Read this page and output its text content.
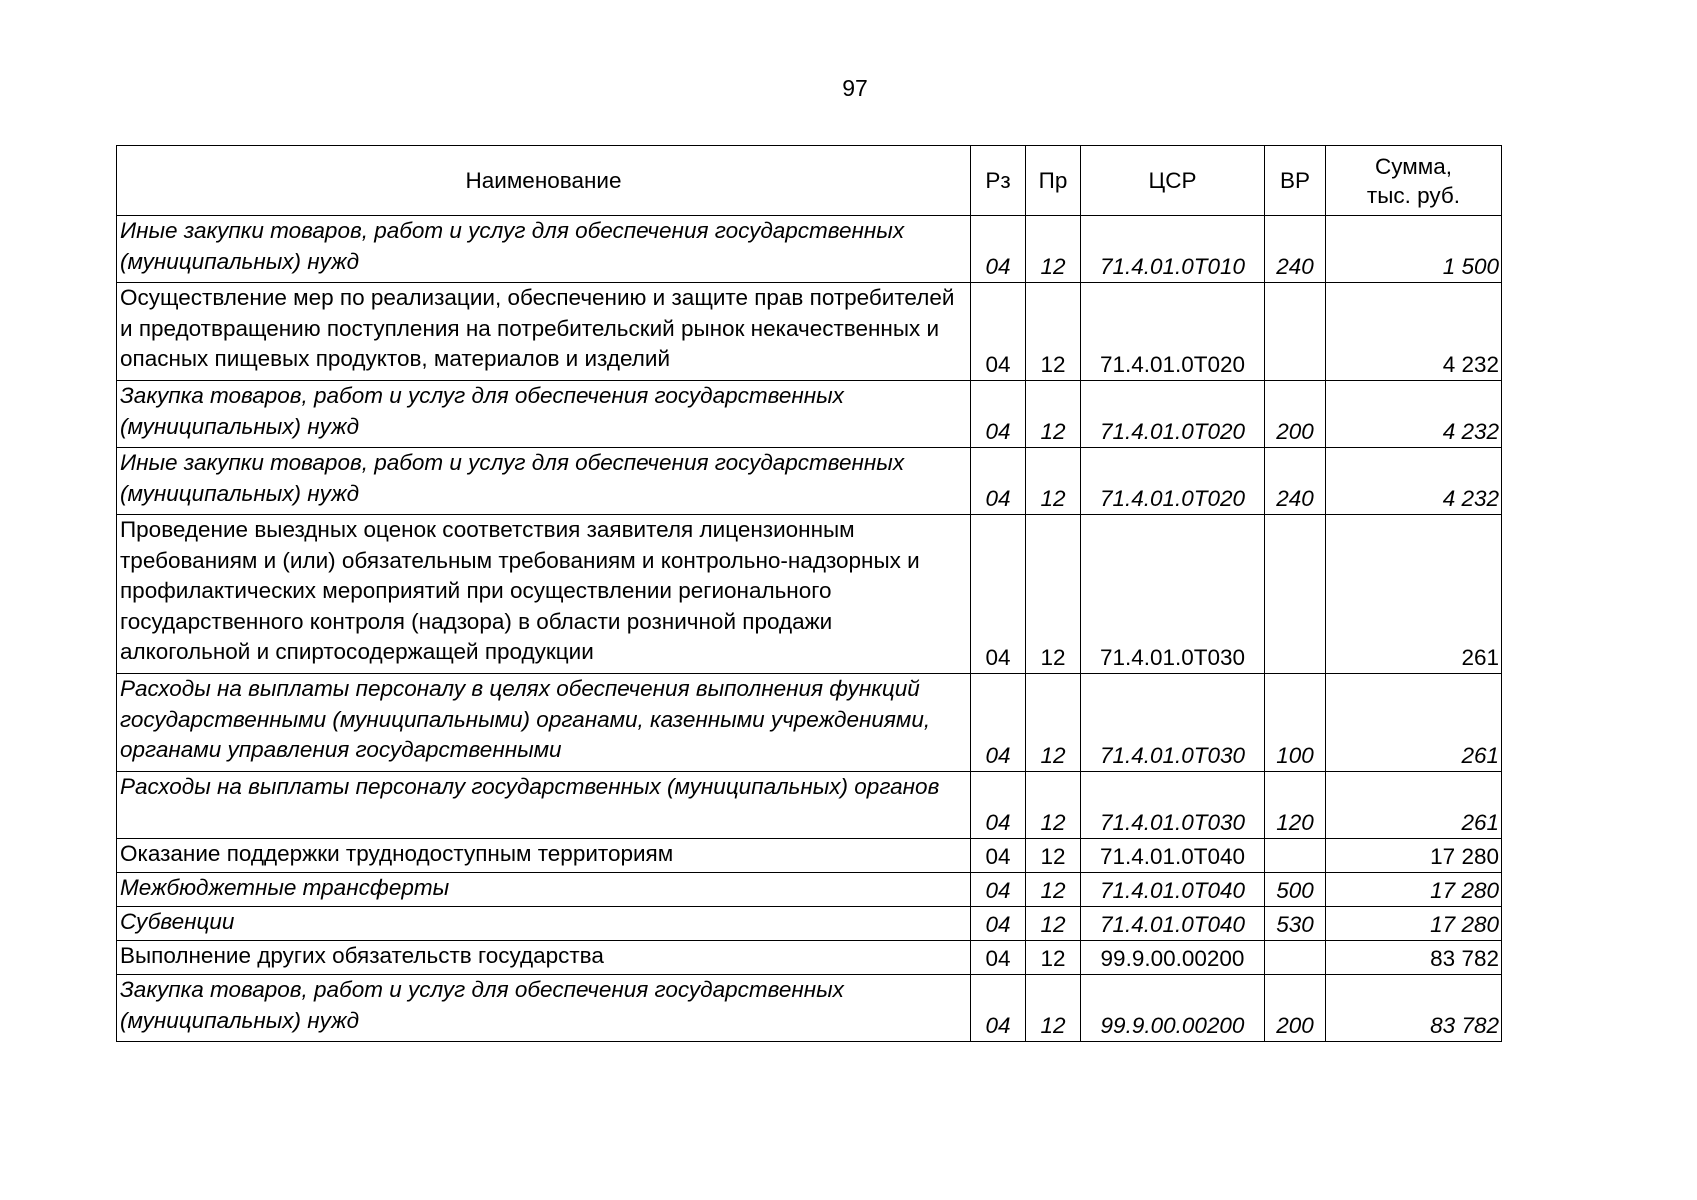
97
Наименование	Рз	Пр	ЦСР	ВР	Сумма,
тыс. руб.

Иные закупки товаров, работ и услуг для обеспечения государственных (муниципальных) нужд	04	12	71.4.01.0Т010	240	1 500
Осуществление мер по реализации, обеспечению и защите прав потребителей и предотвращению поступления на потребительский рынок некачественных и опасных пищевых продуктов, материалов и изделий	04	12	71.4.01.0Т020		4 232
Закупка товаров, работ и услуг для обеспечения государственных (муниципальных) нужд	04	12	71.4.01.0Т020	200	4 232
Иные закупки товаров, работ и услуг для обеспечения государственных (муниципальных) нужд	04	12	71.4.01.0Т020	240	4 232
Проведение выездных оценок соответствия заявителя лицензионным требованиям и (или) обязательным требованиям и контрольно-надзорных и профилактических мероприятий при осуществлении регионального государственного контроля (надзора) в области розничной продажи алкогольной и спиртосодержащей продукции	04	12	71.4.01.0Т030		261
Расходы на выплаты персоналу в целях обеспечения выполнения функций государственными (муниципальными) органами, казенными учреждениями, органами управления государственными	04	12	71.4.01.0Т030	100	261
Расходы на выплаты персоналу государственных (муниципальных) органов	04	12	71.4.01.0Т030	120	261
Оказание поддержки труднодоступным территориям	04	12	71.4.01.0Т040		17 280
Межбюджетные трансферты	04	12	71.4.01.0Т040	500	17 280
Субвенции	04	12	71.4.01.0Т040	530	17 280
Выполнение других обязательств государства	04	12	99.9.00.00200		83 782
Закупка товаров, работ и услуг для обеспечения государственных (муниципальных) нужд	04	12	99.9.00.00200	200	83 782
